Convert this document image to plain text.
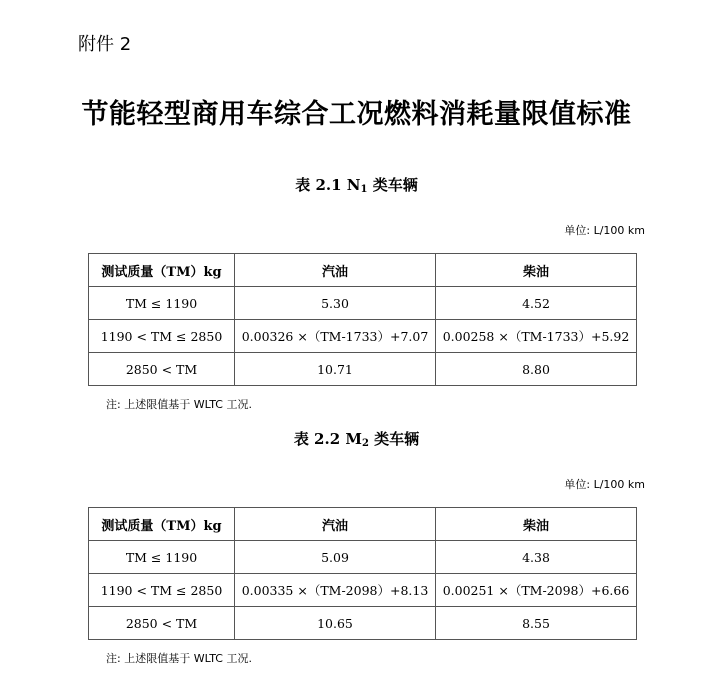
附件 2
节能轻型商用车综合工况燃料消耗量限值标准
表 2.1 $N_1$ 类车辆
单位: L/100 km
测试质量（TM）kg	汽油	柴油
TM ≤ 1190	5.30	4.52
1190 < TM ≤ 2850	0.00326 ×（TM-1733）+7.07	0.00258 ×（TM-1733）+5.92
2850 < TM	10.71	8.80
注: 上述限值基于 WLTC 工况.
表 2.2 $M_2$ 类车辆
单位: L/100 km
测试质量（TM）kg	汽油	柴油
TM ≤ 1190	5.09	4.38
1190 < TM ≤ 2850	0.00335 ×（TM-2098）+8.13	0.00251 ×（TM-2098）+6.66
2850 < TM	10.65	8.55
注: 上述限值基于 WLTC 工况.
